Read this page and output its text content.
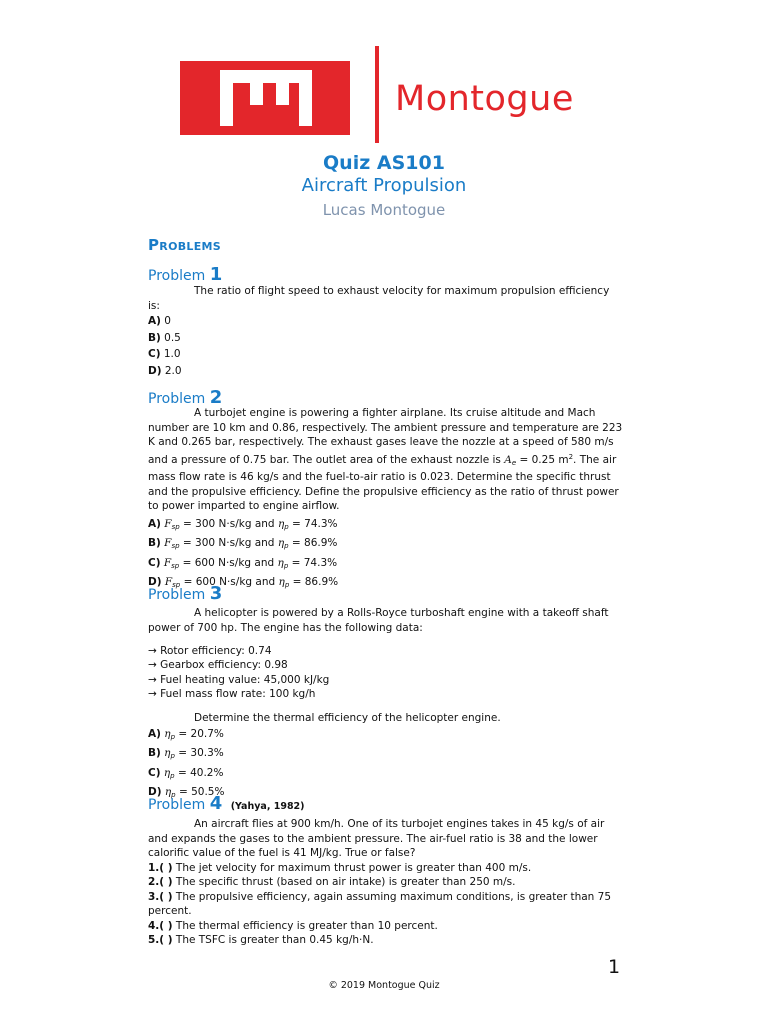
Montogue
Quiz AS101
Aircraft Propulsion
Lucas Montogue
Problems
Problem 1
The ratio of flight speed to exhaust velocity for maximum propulsion efficiency is:
A) 0
B) 0.5
C) 1.0
D) 2.0
Problem 2
A turbojet engine is powering a fighter airplane. Its cruise altitude and Mach number are 10 km and 0.86, respectively. The ambient pressure and temperature are 223 K and 0.265 bar, respectively. The exhaust gases leave the nozzle at a speed of 580 m/s and a pressure of 0.75 bar. The outlet area of the exhaust nozzle is $A_e = 0.25$ $m^2$. The air mass flow rate is 46 kg/s and the fuel-to-air ratio is 0.023. Determine the specific thrust and the propulsive efficiency. Define the propulsive efficiency as the ratio of thrust power to power imparted to engine airflow.
A) $F_{sp} = 300$ N·s/kg and $\eta_p = 74.3\%$
B) $F_{sp} = 300$ N·s/kg and $\eta_p = 86.9\%$
C) $F_{sp} = 600$ N·s/kg and $\eta_p = 74.3\%$
D) $F_{sp} = 600$ N·s/kg and $\eta_p = 86.9\%$
Problem 3
A helicopter is powered by a Rolls-Royce turboshaft engine with a takeoff shaft power of 700 hp. The engine has the following data:
→ Rotor efficiency: 0.74
→ Gearbox efficiency: 0.98
→ Fuel heating value: 45,000 kJ/kg
→ Fuel mass flow rate: 100 kg/h
Determine the thermal efficiency of the helicopter engine.
A) $\eta_p = 20.7\%$
B) $\eta_p = 30.3\%$
C) $\eta_p = 40.2\%$
D) $\eta_p = 50.5\%$
Problem 4 (Yahya, 1982)
An aircraft flies at 900 km/h. One of its turbojet engines takes in 45 kg/s of air and expands the gases to the ambient pressure. The air-fuel ratio is 38 and the lower calorific value of the fuel is 41 MJ/kg. True or false?
1.( ) The jet velocity for maximum thrust power is greater than 400 m/s.
2.( ) The specific thrust (based on air intake) is greater than 250 m/s.
3.( ) The propulsive efficiency, again assuming maximum conditions, is greater than 75 percent.
4.( ) The thermal efficiency is greater than 10 percent.
5.( ) The TSFC is greater than 0.45 kg/h·N.
1
© 2019 Montogue Quiz
